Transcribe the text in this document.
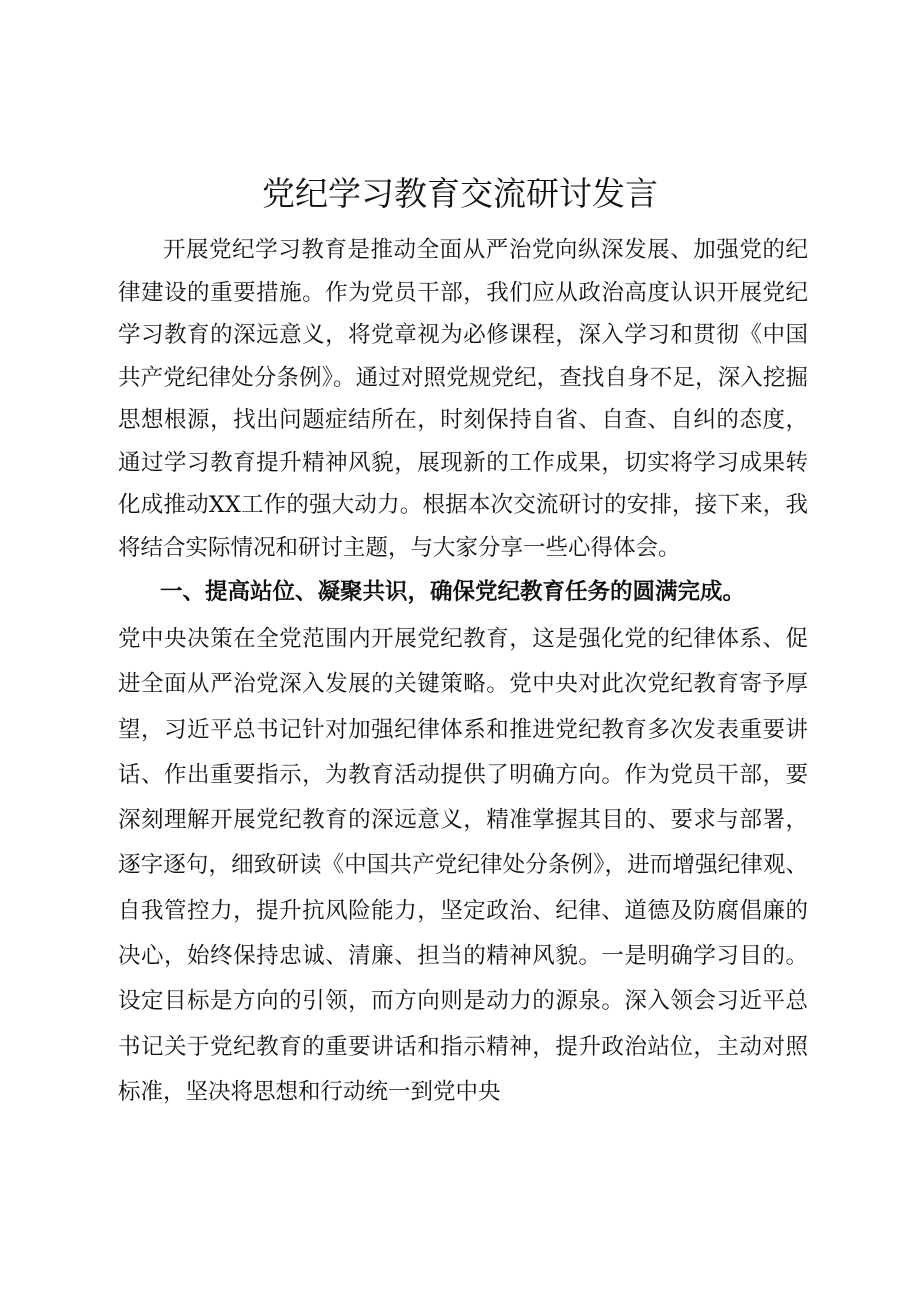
党纪学习教育交流研讨发言

开展党纪学习教育是推动全面从严治党向纵深发展、加强党的纪律建设的重要措施。作为党员干部，我们应从政治高度认识开展党纪学习教育的深远意义，将党章视为必修课程，深入学习和贯彻《中国共产党纪律处分条例》。通过对照党规党纪，查找自身不足，深入挖掘思想根源，找出问题症结所在，时刻保持自省、自查、自纠的态度，通过学习教育提升精神风貌，展现新的工作成果，切实将学习成果转化成推动XX工作的强大动力。根据本次交流研讨的安排，接下来，我将结合实际情况和研讨主题，与大家分享一些心得体会。

一、提高站位、凝聚共识，确保党纪教育任务的圆满完成。

党中央决策在全党范围内开展党纪教育，这是强化党的纪律体系、促进全面从严治党深入发展的关键策略。党中央对此次党纪教育寄予厚望，习近平总书记针对加强纪律体系和推进党纪教育多次发表重要讲话、作出重要指示，为教育活动提供了明确方向。作为党员干部，要深刻理解开展党纪教育的深远意义，精准掌握其目的、要求与部署，逐字逐句，细致研读《中国共产党纪律处分条例》，进而增强纪律观、自我管控力，提升抗风险能力，坚定政治、纪律、道德及防腐倡廉的决心，始终保持忠诚、清廉、担当的精神风貌。一是明确学习目的。设定目标是方向的引领，而方向则是动力的源泉。深入领会习近平总书记关于党纪教育的重要讲话和指示精神，提升政治站位，主动对照标准，坚决将思想和行动统一到党中央
